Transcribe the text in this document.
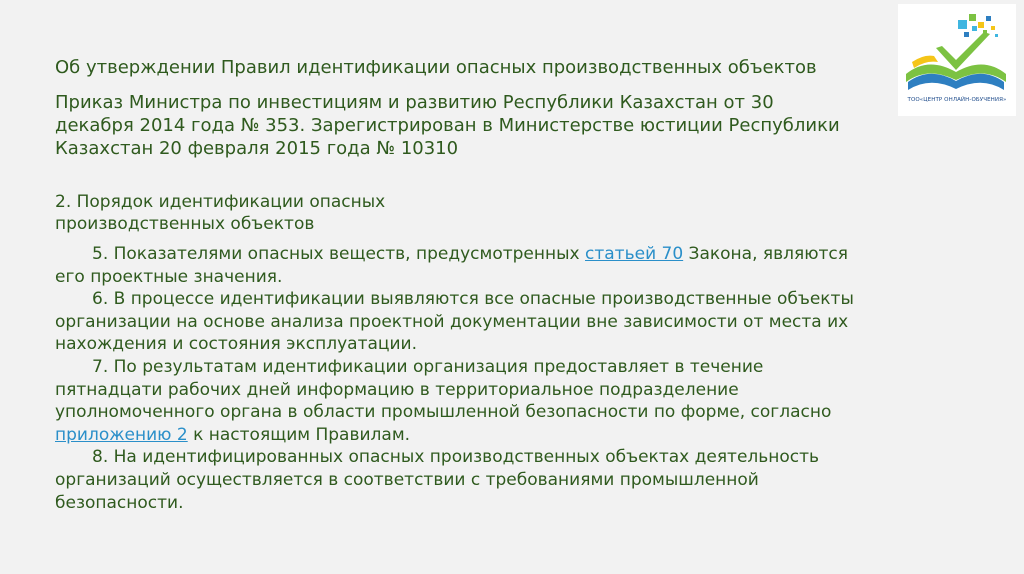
Об утверждении Правил идентификации опасных производственных объектов

Приказ Министра по инвестициям и развитию Республики Казахстан от 30 декабря 2014 года № 353. Зарегистрирован в Министерстве юстиции Республики Казахстан 20 февраля 2015 года № 10310

2. Порядок идентификации опасных производственных объектов

5. Показателями опасных веществ, предусмотренных статьей 70 Закона, являются его проектные значения.

6. В процессе идентификации выявляются все опасные производственные объекты организации на основе анализа проектной документации вне зависимости от места их нахождения и состояния эксплуатации.

7. По результатам идентификации организация предоставляет в течение пятнадцати рабочих дней информацию в территориальное подразделение уполномоченного органа в области промышленной безопасности по форме, согласно приложению 2 к настоящим Правилам.

8. На идентифицированных опасных производственных объектах деятельность организаций осуществляется в соответствии с требованиями промышленной безопасности.

ТОО«ЦЕНТР ОНЛАЙН-ОБУЧЕНИЯ»
